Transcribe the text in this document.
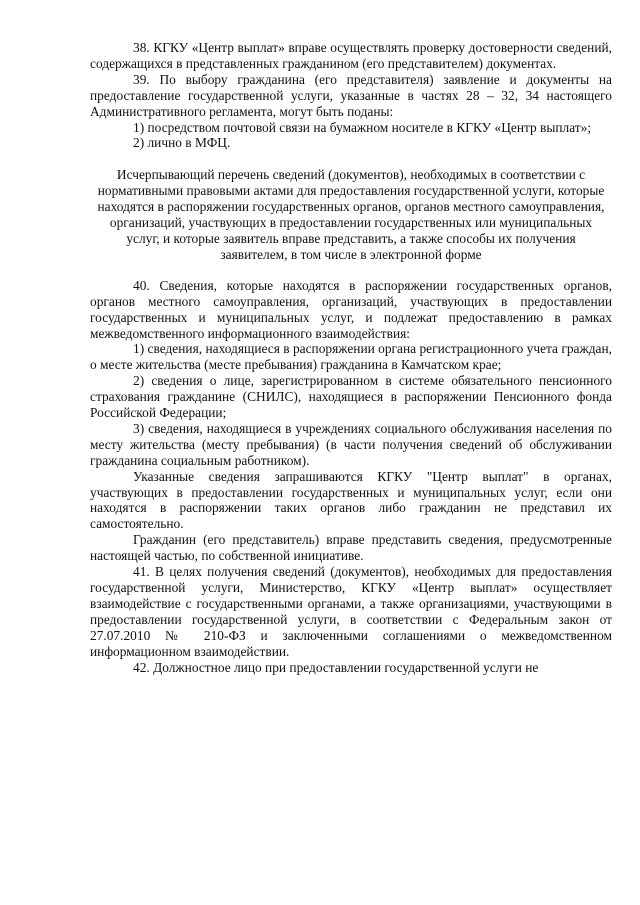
38. КГКУ «Центр выплат» вправе осуществлять проверку достоверности сведений, содержащихся в представленных гражданином (его представителем) документах.

39. По выбору гражданина (его представителя) заявление и документы на предоставление государственной услуги, указанные в частях 28 – 32, 34 настоящего Административного регламента, могут быть поданы:

1) посредством почтовой связи на бумажном носителе в КГКУ «Центр выплат»;

2) лично в МФЦ.

Исчерпывающий перечень сведений (документов), необходимых в соответствии с нормативными правовыми актами для предоставления государственной услуги, которые находятся в распоряжении государственных органов, органов местного самоуправления, организаций, участвующих в предоставлении государственных или муниципальных услуг, и которые заявитель вправе представить, а также способы их получения заявителем, в том числе в электронной форме

40. Сведения, которые находятся в распоряжении государственных органов, органов местного самоуправления, организаций, участвующих в предоставлении государственных и муниципальных услуг, и подлежат предоставлению в рамках межведомственного информационного взаимодействия:

1) сведения, находящиеся в распоряжении органа регистрационного учета граждан, о месте жительства (месте пребывания) гражданина в Камчатском крае;

2) сведения о лице, зарегистрированном в системе обязательного пенсионного страхования гражданине (СНИЛС), находящиеся в распоряжении Пенсионного фонда Российской Федерации;

3) сведения, находящиеся в учреждениях социального обслуживания населения по месту жительства (месту пребывания) (в части получения сведений об обслуживании гражданина социальным работником).

Указанные сведения запрашиваются КГКУ "Центр выплат" в органах, участвующих в предоставлении государственных и муниципальных услуг, если они находятся в распоряжении таких органов либо гражданин не представил их самостоятельно.

Гражданин (его представитель) вправе представить сведения, предусмотренные настоящей частью, по собственной инициативе.

41. В целях получения сведений (документов), необходимых для предоставления государственной услуги, Министерство, КГКУ «Центр выплат» осуществляет взаимодействие с государственными органами, а также организациями, участвующими в предоставлении государственной услуги, в соответствии с Федеральным закон от 27.07.2010 № 210-ФЗ и заключенными соглашениями о межведомственном информационном взаимодействии.

42. Должностное лицо при предоставлении государственной услуги не
